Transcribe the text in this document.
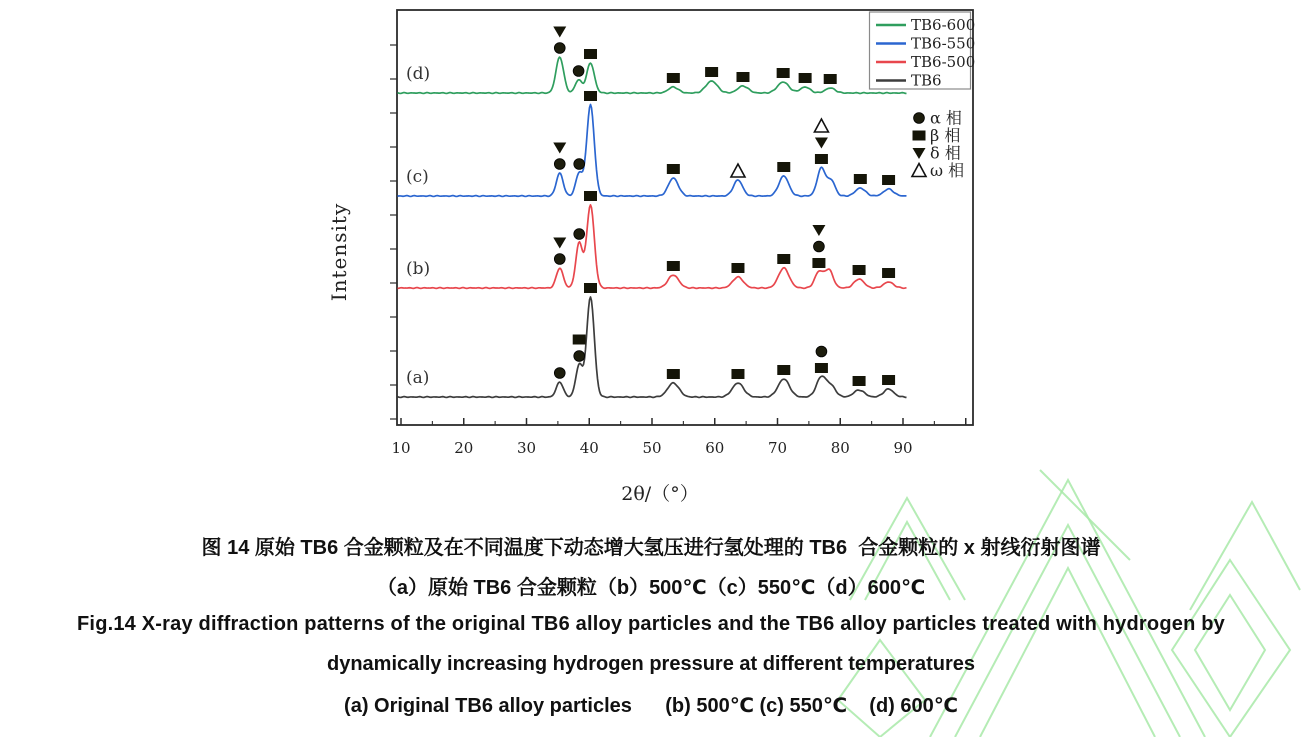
10	20	30	40	50	60	70	80	90
2θ/（°）
Intensity
(a)
(b)
(c)
(d)
TB6-600
TB6-550
TB6-500
TB6
α 相
β 相
δ 相
ω 相
图 14 原始 TB6 合金颗粒及在不同温度下动态增大氢压进行氢处理的 TB6  合金颗粒的 x 射线衍射图谱
（a）原始 TB6 合金颗粒（b）500℃（c）550℃（d）600℃
Fig.14 X-ray diffraction patterns of the original TB6 alloy particles and the TB6 alloy particles treated with hydrogen by
dynamically increasing hydrogen pressure at different temperatures
(a) Original TB6 alloy particles      (b) 500℃ (c) 550℃    (d) 600℃
